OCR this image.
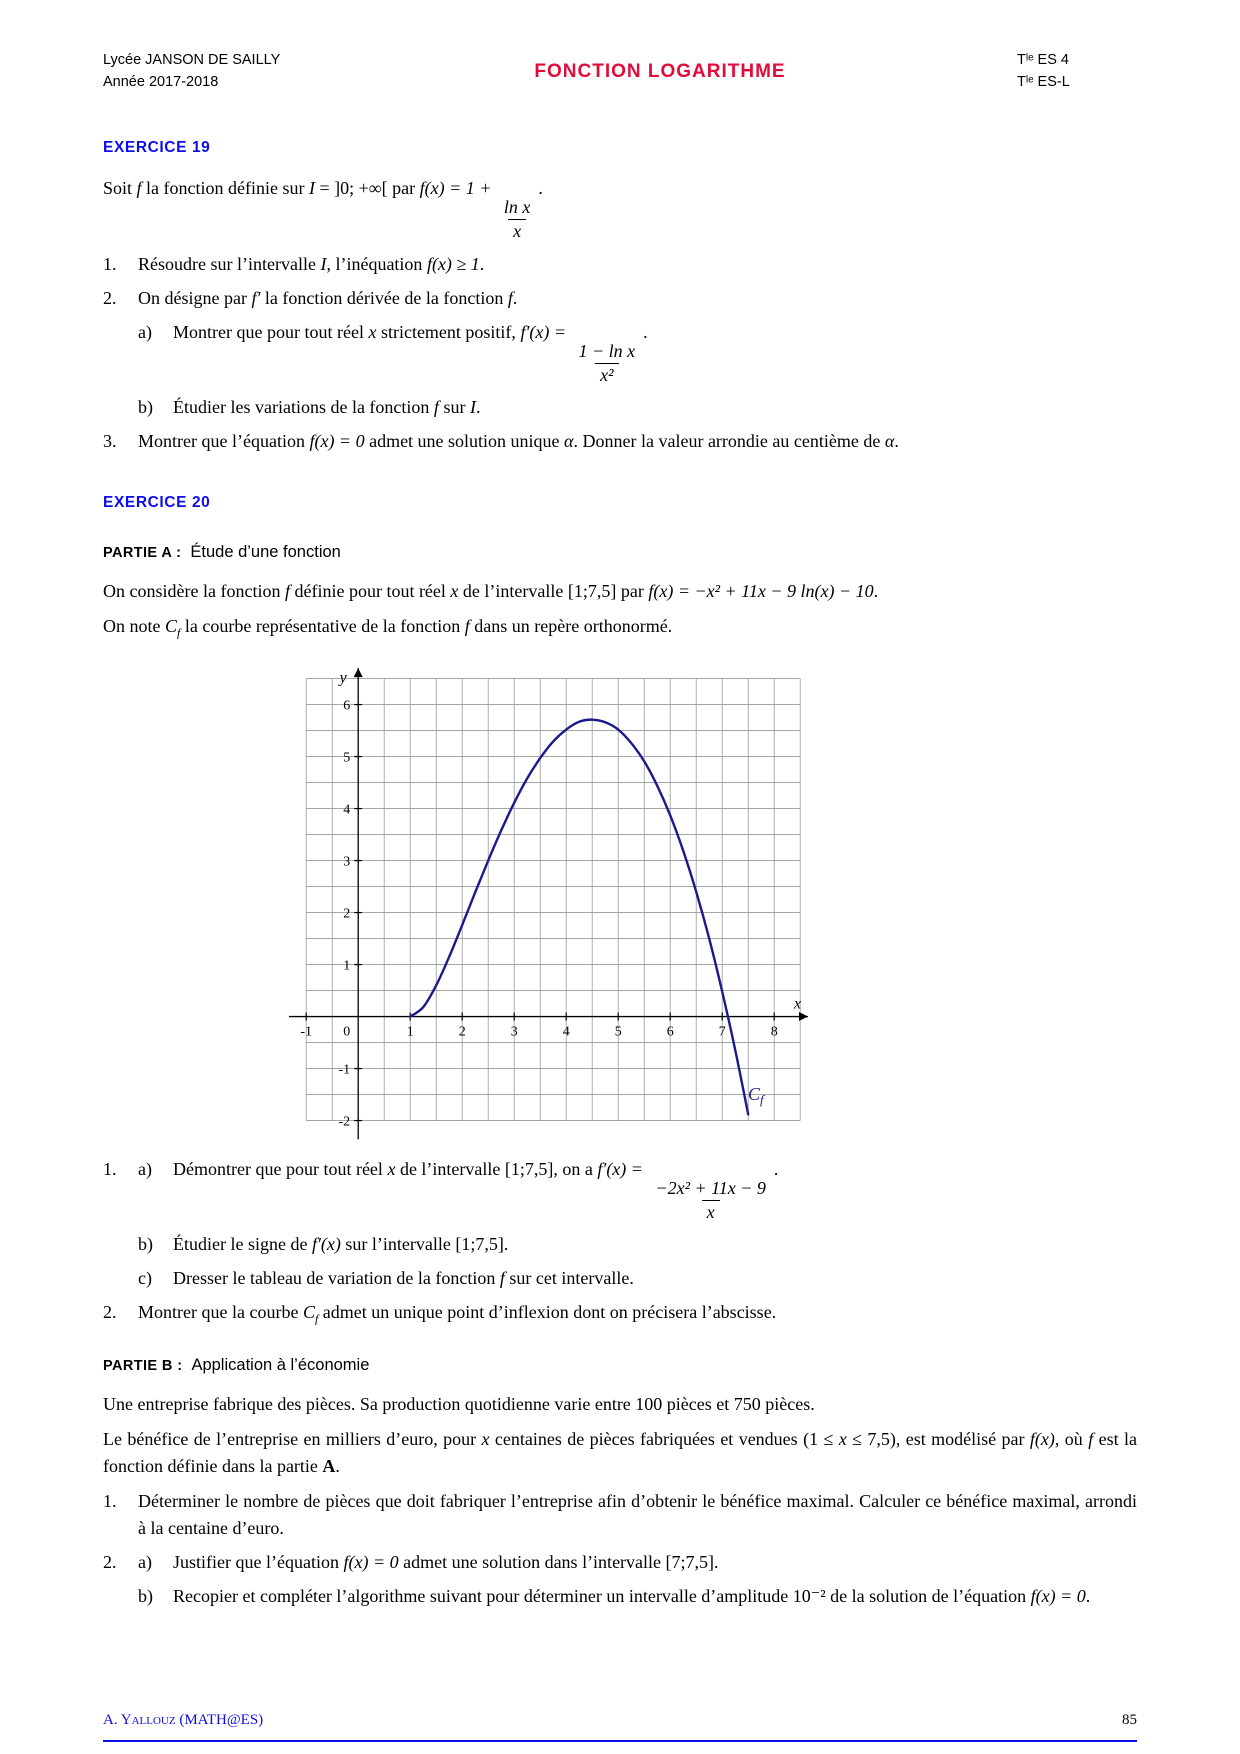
Lycée JANSON DE SAILLY
Année 2017-2018	FONCTION LOGARITHME
Tˡᵉ ES 4
Tˡᵉ ES-L
EXERCICE 19

Soit f la fonction définie sur I = ]0; +∞[ par f(x) = 1 +
$\frac{\text{ln x}}{x}$
.

1.	Résoudre sur l’intervalle I, l’inéquation f(x) ≥ 1.
2.	On désigne par f′ la fonction dérivée de la fonction f.
a)	Montrer que pour tout réel x strictement positif, f′(x) =
$\frac{\text{1 − ln x}}{\text{x²}}$
.
b)	Étudier les variations de la fonction f sur I.
3.	Montrer que l’équation f(x) = 0 admet une solution unique α. Donner la valeur arrondie au centième de α.
EXERCICE 20
PARTIE A : Étude d’une fonction

On considère la fonction f définie pour tout réel x de l’intervalle [1;7,5] par f(x) = −x² + 11x − 9 ln(x) − 10.

On note $C_f$ la courbe représentative de la fonction f dans un repère orthonormé.

-1	1	2	3	4	5	6	7	8
-2
-1
1
2
3
4
5
6
0
x
y
$C_f$
1.	a)	Démontrer que pour tout réel x de l’intervalle [1;7,5], on a f′(x) =
$\frac{\text{−2x² + 11x − 9}}{x}$
.
b)	Étudier le signe de f′(x) sur l’intervalle [1;7,5].
c)	Dresser le tableau de variation de la fonction f sur cet intervalle.
2.	Montrer que la courbe $C_f$ admet un unique point d’inflexion dont on précisera l’abscisse.
PARTIE B : Application à l’économie

Une entreprise fabrique des pièces. Sa production quotidienne varie entre 100 pièces et 750 pièces.

Le bénéfice de l’entreprise en milliers d’euro, pour x centaines de pièces fabriquées et vendues (1 ≤ x ≤ 7,5), est modélisé par f(x), où f est la fonction définie dans la partie A.

1.	Déterminer le nombre de pièces que doit fabriquer l’entreprise afin d’obtenir le bénéfice maximal. Calculer ce bénéfice maximal, arrondi à la centaine d’euro.
2.	a)	Justifier que l’équation f(x) = 0 admet une solution dans l’intervalle [7;7,5].
b)	Recopier et compléter l’algorithme suivant pour déterminer un intervalle d’amplitude 10⁻² de la solution de l’équation f(x) = 0.
A. Yallouz (MATH@ES)	85
